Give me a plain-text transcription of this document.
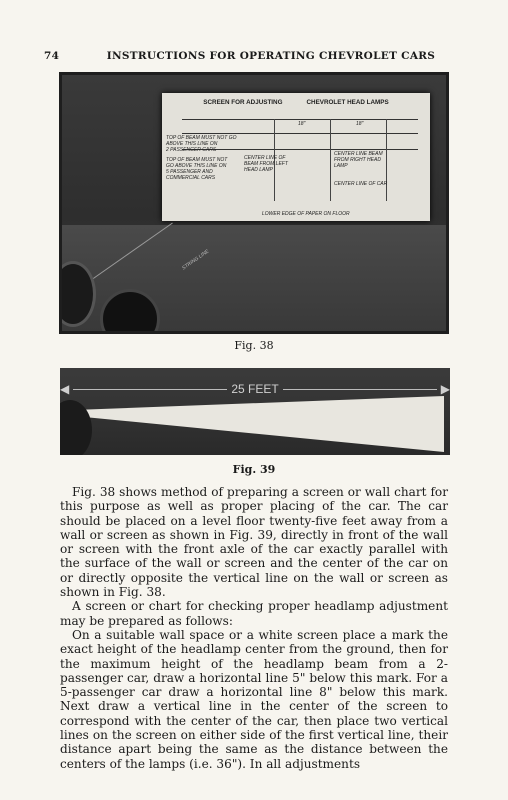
74	INSTRUCTIONS FOR OPERATING CHEVROLET CARS
SCREEN FOR ADJUSTING	CHEVROLET HEAD LAMPS
TOP OF BEAM MUST NOT GO
ABOVE THIS LINE ON
2 PASSENGER CARS
TOP OF BEAM MUST NOT
GO ABOVE THIS LINE ON
5 PASSENGER AND
COMMERCIAL CARS
CENTER LINE OF
BEAM FROM LEFT
HEAD LAMP
CENTER LINE BEAM
FROM RIGHT HEAD
LAMP
CENTER LINE OF CAR
18"	18"
LOWER EDGE OF PAPER ON FLOOR
STRING LINE
Fig. 38
◀	25 FEET	▶
Fig. 39

Fig. 38 shows method of preparing a screen or wall chart for this purpose as well as proper placing of the car. The car should be placed on a level floor twenty-five feet away from a wall or screen as shown in Fig. 39, directly in front of the wall or screen with the front axle of the car exactly parallel with the surface of the wall or screen and the center of the car on or directly opposite the vertical line on the wall or screen as shown in Fig. 38.

A screen or chart for checking proper headlamp adjustment may be prepared as follows:

On a suitable wall space or a white screen place a mark the exact height of the headlamp center from the ground, then for the maximum height of the headlamp beam from a 2-passenger car, draw a horizontal line 5" below this mark. For a 5-passenger car draw a horizontal line 8" below this mark. Next draw a vertical line in the center of the screen to correspond with the center of the car, then place two vertical lines on the screen on either side of the first vertical line, their distance apart being the same as the distance between the centers of the lamps (i.e. 36"). In all adjustments
